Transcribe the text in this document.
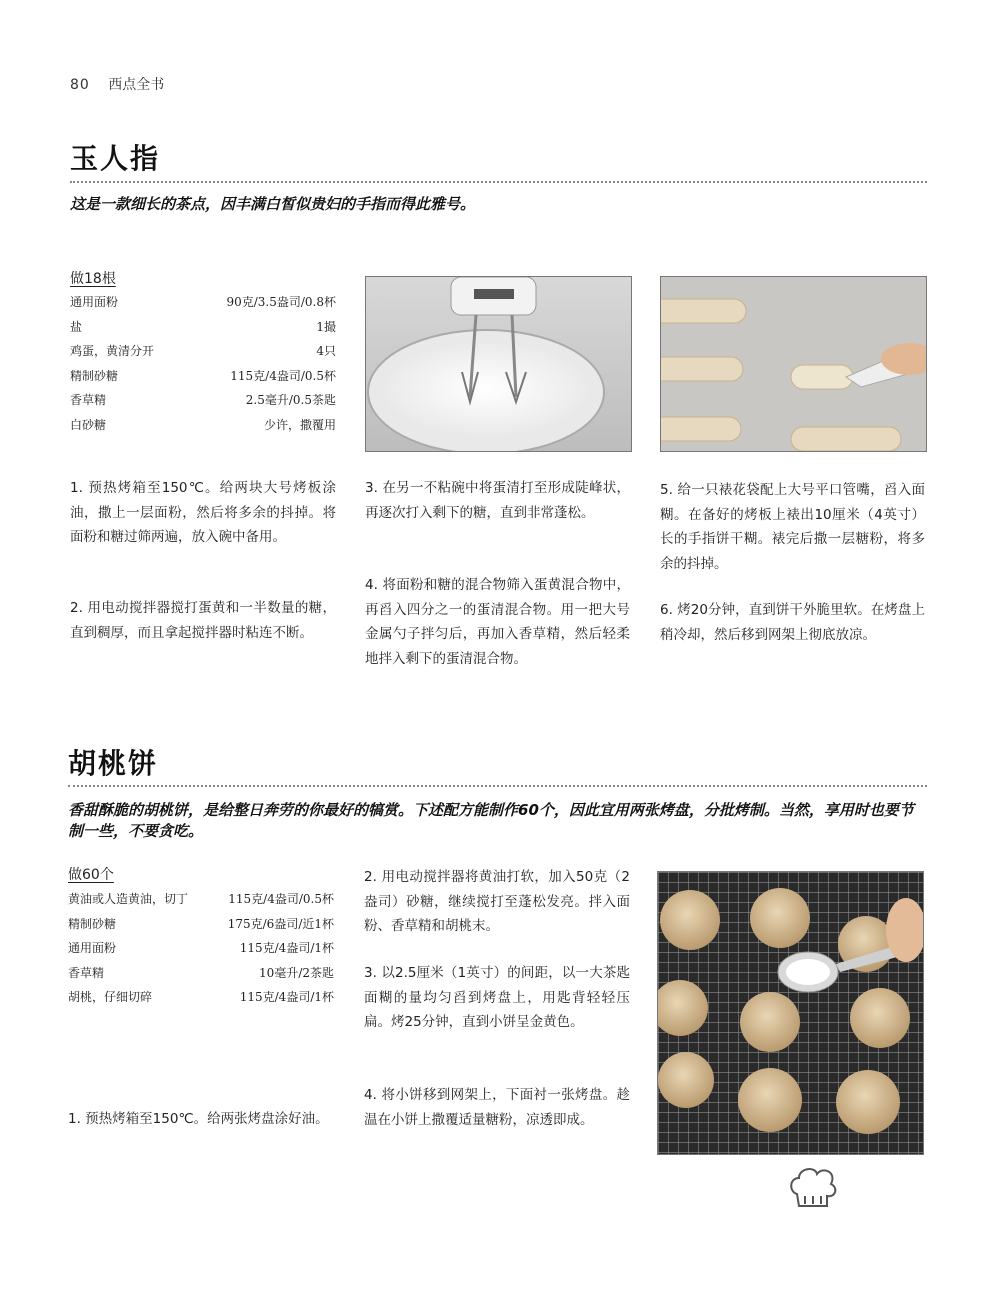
80 西点全书
玉人指
这是一款细长的茶点，因丰满白皙似贵妇的手指而得此雅号。
做18根
通用面粉	90克/3.5盎司/0.8杯
盐	1撮
鸡蛋，黄清分开	4只
精制砂糖	115克/4盎司/0.5杯
香草精	2.5毫升/0.5茶匙
白砂糖	少许，撒覆用
1. 预热烤箱至150℃。给两块大号烤板涂油，撒上一层面粉，然后将多余的抖掉。将面粉和糖过筛两遍，放入碗中备用。
2. 用电动搅拌器搅打蛋黄和一半数量的糖，直到稠厚，而且拿起搅拌器时粘连不断。
3. 在另一不粘碗中将蛋清打至形成陡峰状，再逐次打入剩下的糖，直到非常蓬松。
4. 将面粉和糖的混合物筛入蛋黄混合物中，再舀入四分之一的蛋清混合物。用一把大号金属勺子拌匀后，再加入香草精，然后轻柔地拌入剩下的蛋清混合物。
5. 给一只裱花袋配上大号平口管嘴，舀入面糊。在备好的烤板上裱出10厘米（4英寸）长的手指饼干糊。裱完后撒一层糖粉，将多余的抖掉。
6. 烤20分钟，直到饼干外脆里软。在烤盘上稍冷却，然后移到网架上彻底放凉。
胡桃饼
香甜酥脆的胡桃饼，是给整日奔劳的你最好的犒赏。下述配方能制作60个，因此宜用两张烤盘，分批烤制。当然，享用时也要节制一些，不要贪吃。
做60个
黄油或人造黄油，切丁	115克/4盎司/0.5杯
精制砂糖	175克/6盎司/近1杯
通用面粉	115克/4盎司/1杯
香草精	10毫升/2茶匙
胡桃，仔细切碎	115克/4盎司/1杯
1. 预热烤箱至150℃。给两张烤盘涂好油。
2. 用电动搅拌器将黄油打软，加入50克（2盎司）砂糖，继续搅打至蓬松发亮。拌入面粉、香草精和胡桃末。
3. 以2.5厘米（1英寸）的间距，以一大茶匙面糊的量均匀舀到烤盘上，用匙背轻轻压扁。烤25分钟，直到小饼呈金黄色。
4. 将小饼移到网架上，下面衬一张烤盘。趁温在小饼上撒覆适量糖粉，凉透即成。
